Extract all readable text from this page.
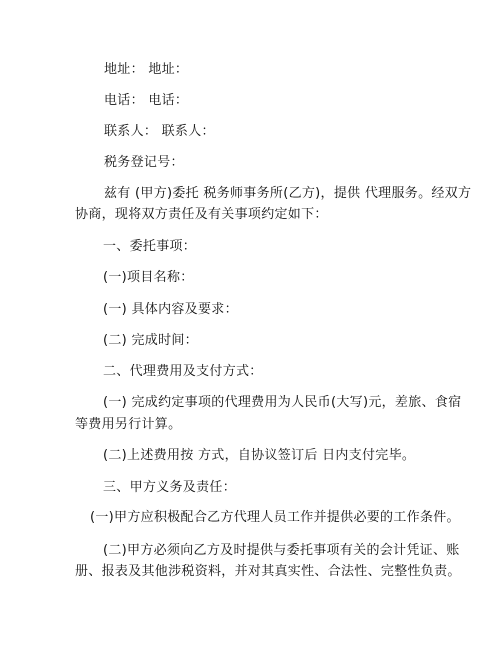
地址： 地址：
电话： 电话：
联系人： 联系人：
税务登记号：
兹有 (甲方)委托 税务师事务所(乙方)，提供 代理服务。经双方
协商，现将双方责任及有关事项约定如下：
一、委托事项：
(一)项目名称：
(一) 具体内容及要求：
(二) 完成时间：
二、代理费用及支付方式：
(一) 完成约定事项的代理费用为人民币(大写)元，差旅、食宿
等费用另行计算。
(二)上述费用按 方式，自协议签订后 日内支付完毕。
三、甲方义务及责任：
(一)甲方应积极配合乙方代理人员工作并提供必要的工作条件。
(二)甲方必须向乙方及时提供与委托事项有关的会计凭证、账
册、报表及其他涉税资料，并对其真实性、合法性、完整性负责。
